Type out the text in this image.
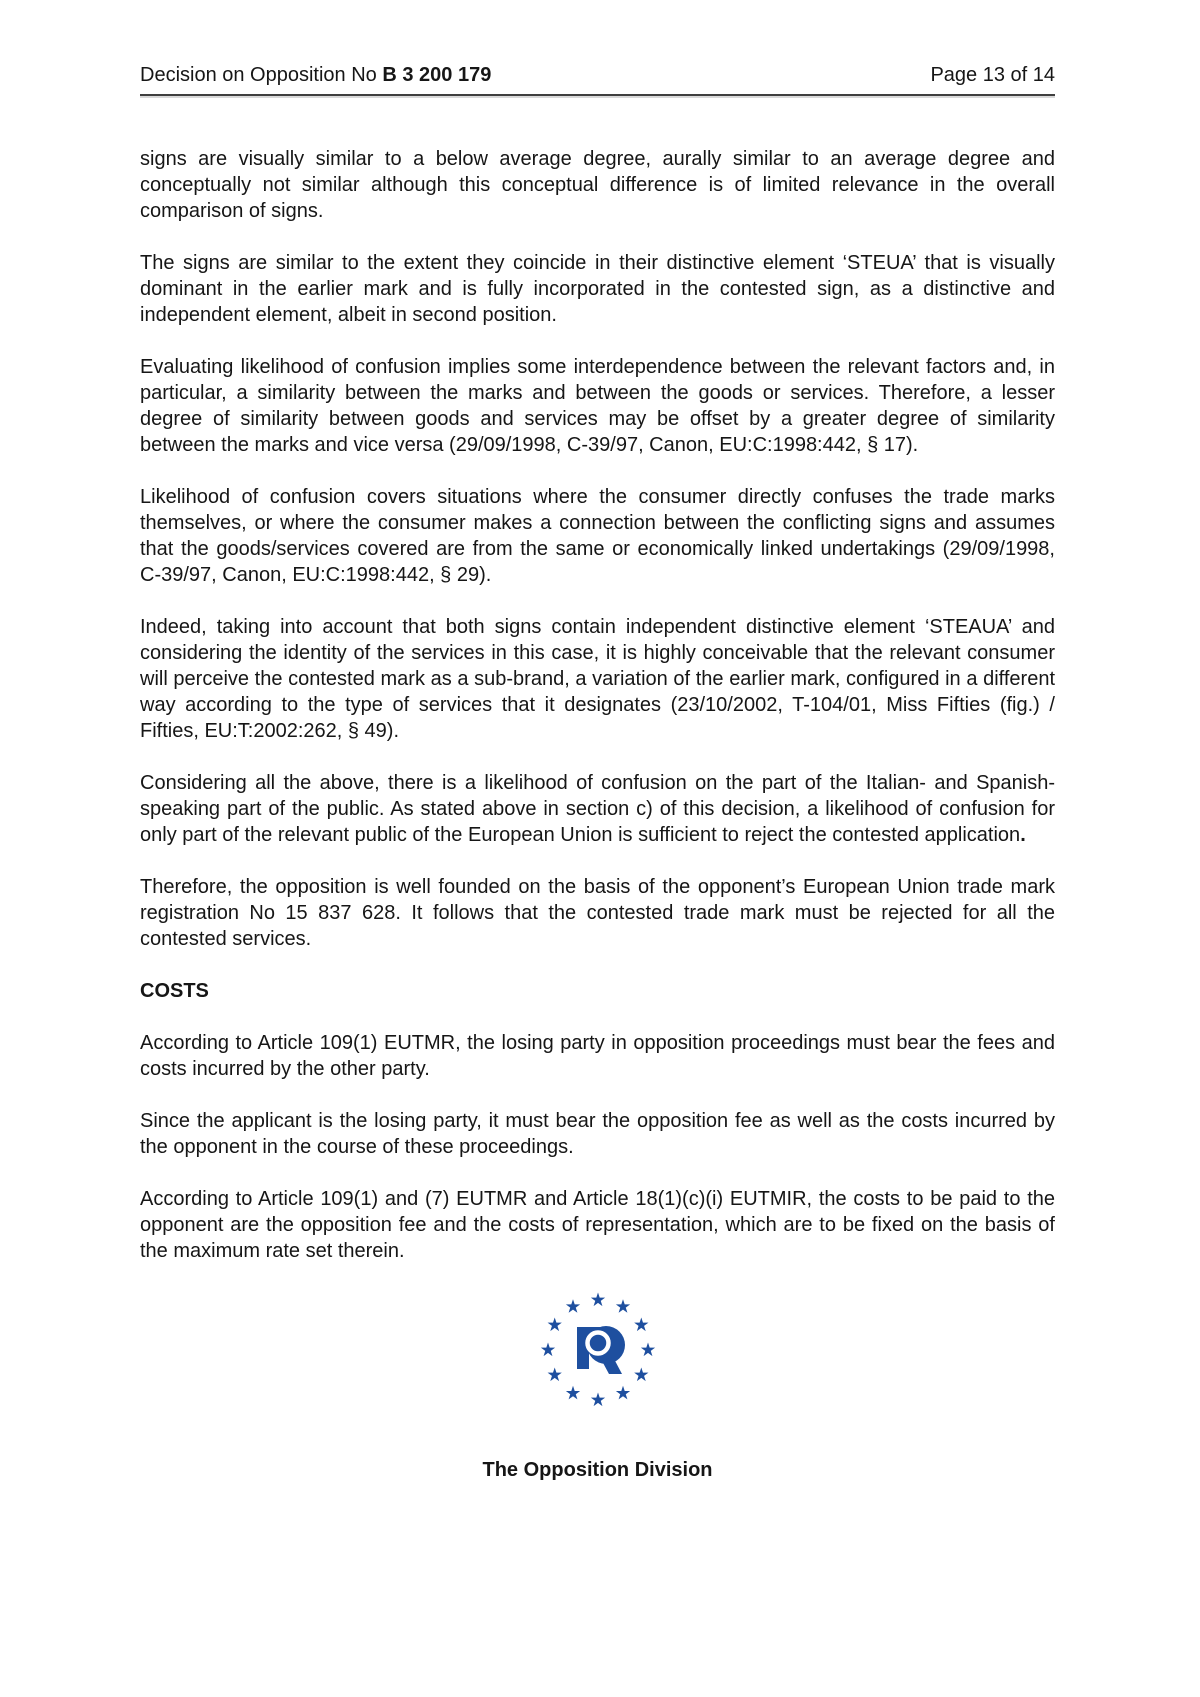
Decision on Opposition No B 3 200 179	Page 13 of 14

signs are visually similar to a below average degree, aurally similar to an average degree and conceptually not similar although this conceptual difference is of limited relevance in the overall comparison of signs.

The signs are similar to the extent they coincide in their distinctive element ‘STEUA’ that is visually dominant in the earlier mark and is fully incorporated in the contested sign, as a distinctive and independent element, albeit in second position.

Evaluating likelihood of confusion implies some interdependence between the relevant factors and, in particular, a similarity between the marks and between the goods or services. Therefore, a lesser degree of similarity between goods and services may be offset by a greater degree of similarity between the marks and vice versa (29/09/1998, C-39/97, Canon, EU:C:1998:442, § 17).

Likelihood of confusion covers situations where the consumer directly confuses the trade marks themselves, or where the consumer makes a connection between the conflicting signs and assumes that the goods/services covered are from the same or economically linked undertakings (29/09/1998, C-39/97, Canon, EU:C:1998:442, § 29).

Indeed, taking into account that both signs contain independent distinctive element ‘STEAUA’ and considering the identity of the services in this case, it is highly conceivable that the relevant consumer will perceive the contested mark as a sub-brand, a variation of the earlier mark, configured in a different way according to the type of services that it designates (23/10/2002, T-104/01, Miss Fifties (fig.) / Fifties, EU:T:2002:262, § 49).

Considering all the above, there is a likelihood of confusion on the part of the Italian- and Spanish- speaking part of the public. As stated above in section c) of this decision, a likelihood of confusion for only part of the relevant public of the European Union is sufficient to reject the contested application.

Therefore, the opposition is well founded on the basis of the opponent’s European Union trade mark registration No 15 837 628. It follows that the contested trade mark must be rejected for all the contested services.

COSTS

According to Article 109(1) EUTMR, the losing party in opposition proceedings must bear the fees and costs incurred by the other party.

Since the applicant is the losing party, it must bear the opposition fee as well as the costs incurred by the opponent in the course of these proceedings.

According to Article 109(1) and (7) EUTMR and Article 18(1)(c)(i) EUTMIR, the costs to be paid to the opponent are the opposition fee and the costs of representation, which are to be fixed on the basis of the maximum rate set therein.

The Opposition Division
